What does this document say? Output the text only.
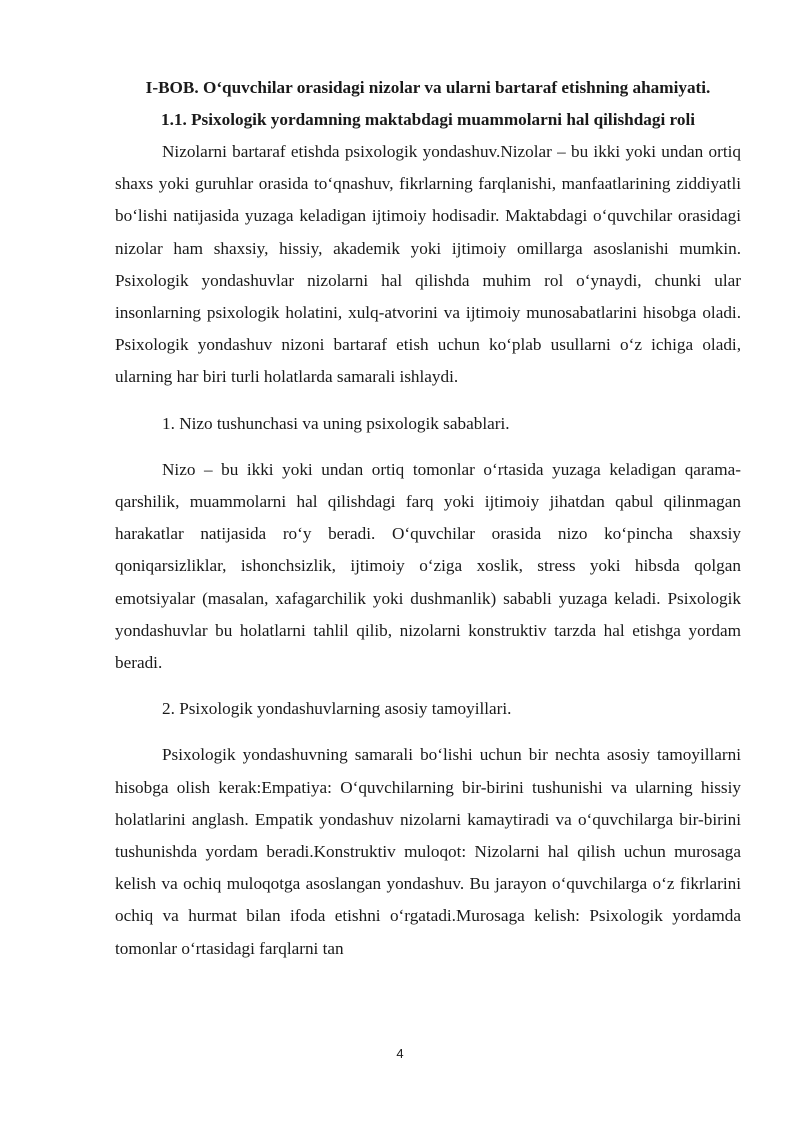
I-BOB. O‘quvchilar orasidagi nizolar va ularni bartaraf etishning ahamiyati.

1.1. Psixologik yordamning maktabdagi muammolarni hal qilishdagi roli

Nizolarni bartaraf etishda psixologik yondashuv.Nizolar – bu ikki yoki undan ortiq shaxs yoki guruhlar orasida to‘qnashuv, fikrlarning farqlanishi, manfaatlarining ziddiyatli bo‘lishi natijasida yuzaga keladigan ijtimoiy hodisadir. Maktabdagi o‘quvchilar orasidagi nizolar ham shaxsiy, hissiy, akademik yoki ijtimoiy omillarga asoslanishi mumkin. Psixologik yondashuvlar nizolarni hal qilishda muhim rol o‘ynaydi, chunki ular insonlarning psixologik holatini, xulq-atvorini va ijtimoiy munosabatlarini hisobga oladi. Psixologik yondashuv nizoni bartaraf etish uchun ko‘plab usullarni o‘z ichiga oladi, ularning har biri turli holatlarda samarali ishlaydi.

1. Nizo tushunchasi va uning psixologik sabablari.

Nizo – bu ikki yoki undan ortiq tomonlar o‘rtasida yuzaga keladigan qarama-qarshilik, muammolarni hal qilishdagi farq yoki ijtimoiy jihatdan qabul qilinmagan harakatlar natijasida ro‘y beradi. O‘quvchilar orasida nizo ko‘pincha shaxsiy qoniqarsizliklar, ishonchsizlik, ijtimoiy o‘ziga xoslik, stress yoki hibsda qolgan emotsiyalar (masalan, xafagarchilik yoki dushmanlik) sababli yuzaga keladi. Psixologik yondashuvlar bu holatlarni tahlil qilib, nizolarni konstruktiv tarzda hal etishga yordam beradi.

2. Psixologik yondashuvlarning asosiy tamoyillari.

Psixologik yondashuvning samarali bo‘lishi uchun bir nechta asosiy tamoyillarni hisobga olish kerak:Empatiya: O‘quvchilarning bir-birini tushunishi va ularning hissiy holatlarini anglash. Empatik yondashuv nizolarni kamaytiradi va o‘quvchilarga bir-birini tushunishda yordam beradi.Konstruktiv muloqot: Nizolarni hal qilish uchun murosaga kelish va ochiq muloqotga asoslangan yondashuv. Bu jarayon o‘quvchilarga o‘z fikrlarini ochiq va hurmat bilan ifoda etishni o‘rgatadi.Murosaga kelish: Psixologik yordamda tomonlar o‘rtasidagi farqlarni tan

4
